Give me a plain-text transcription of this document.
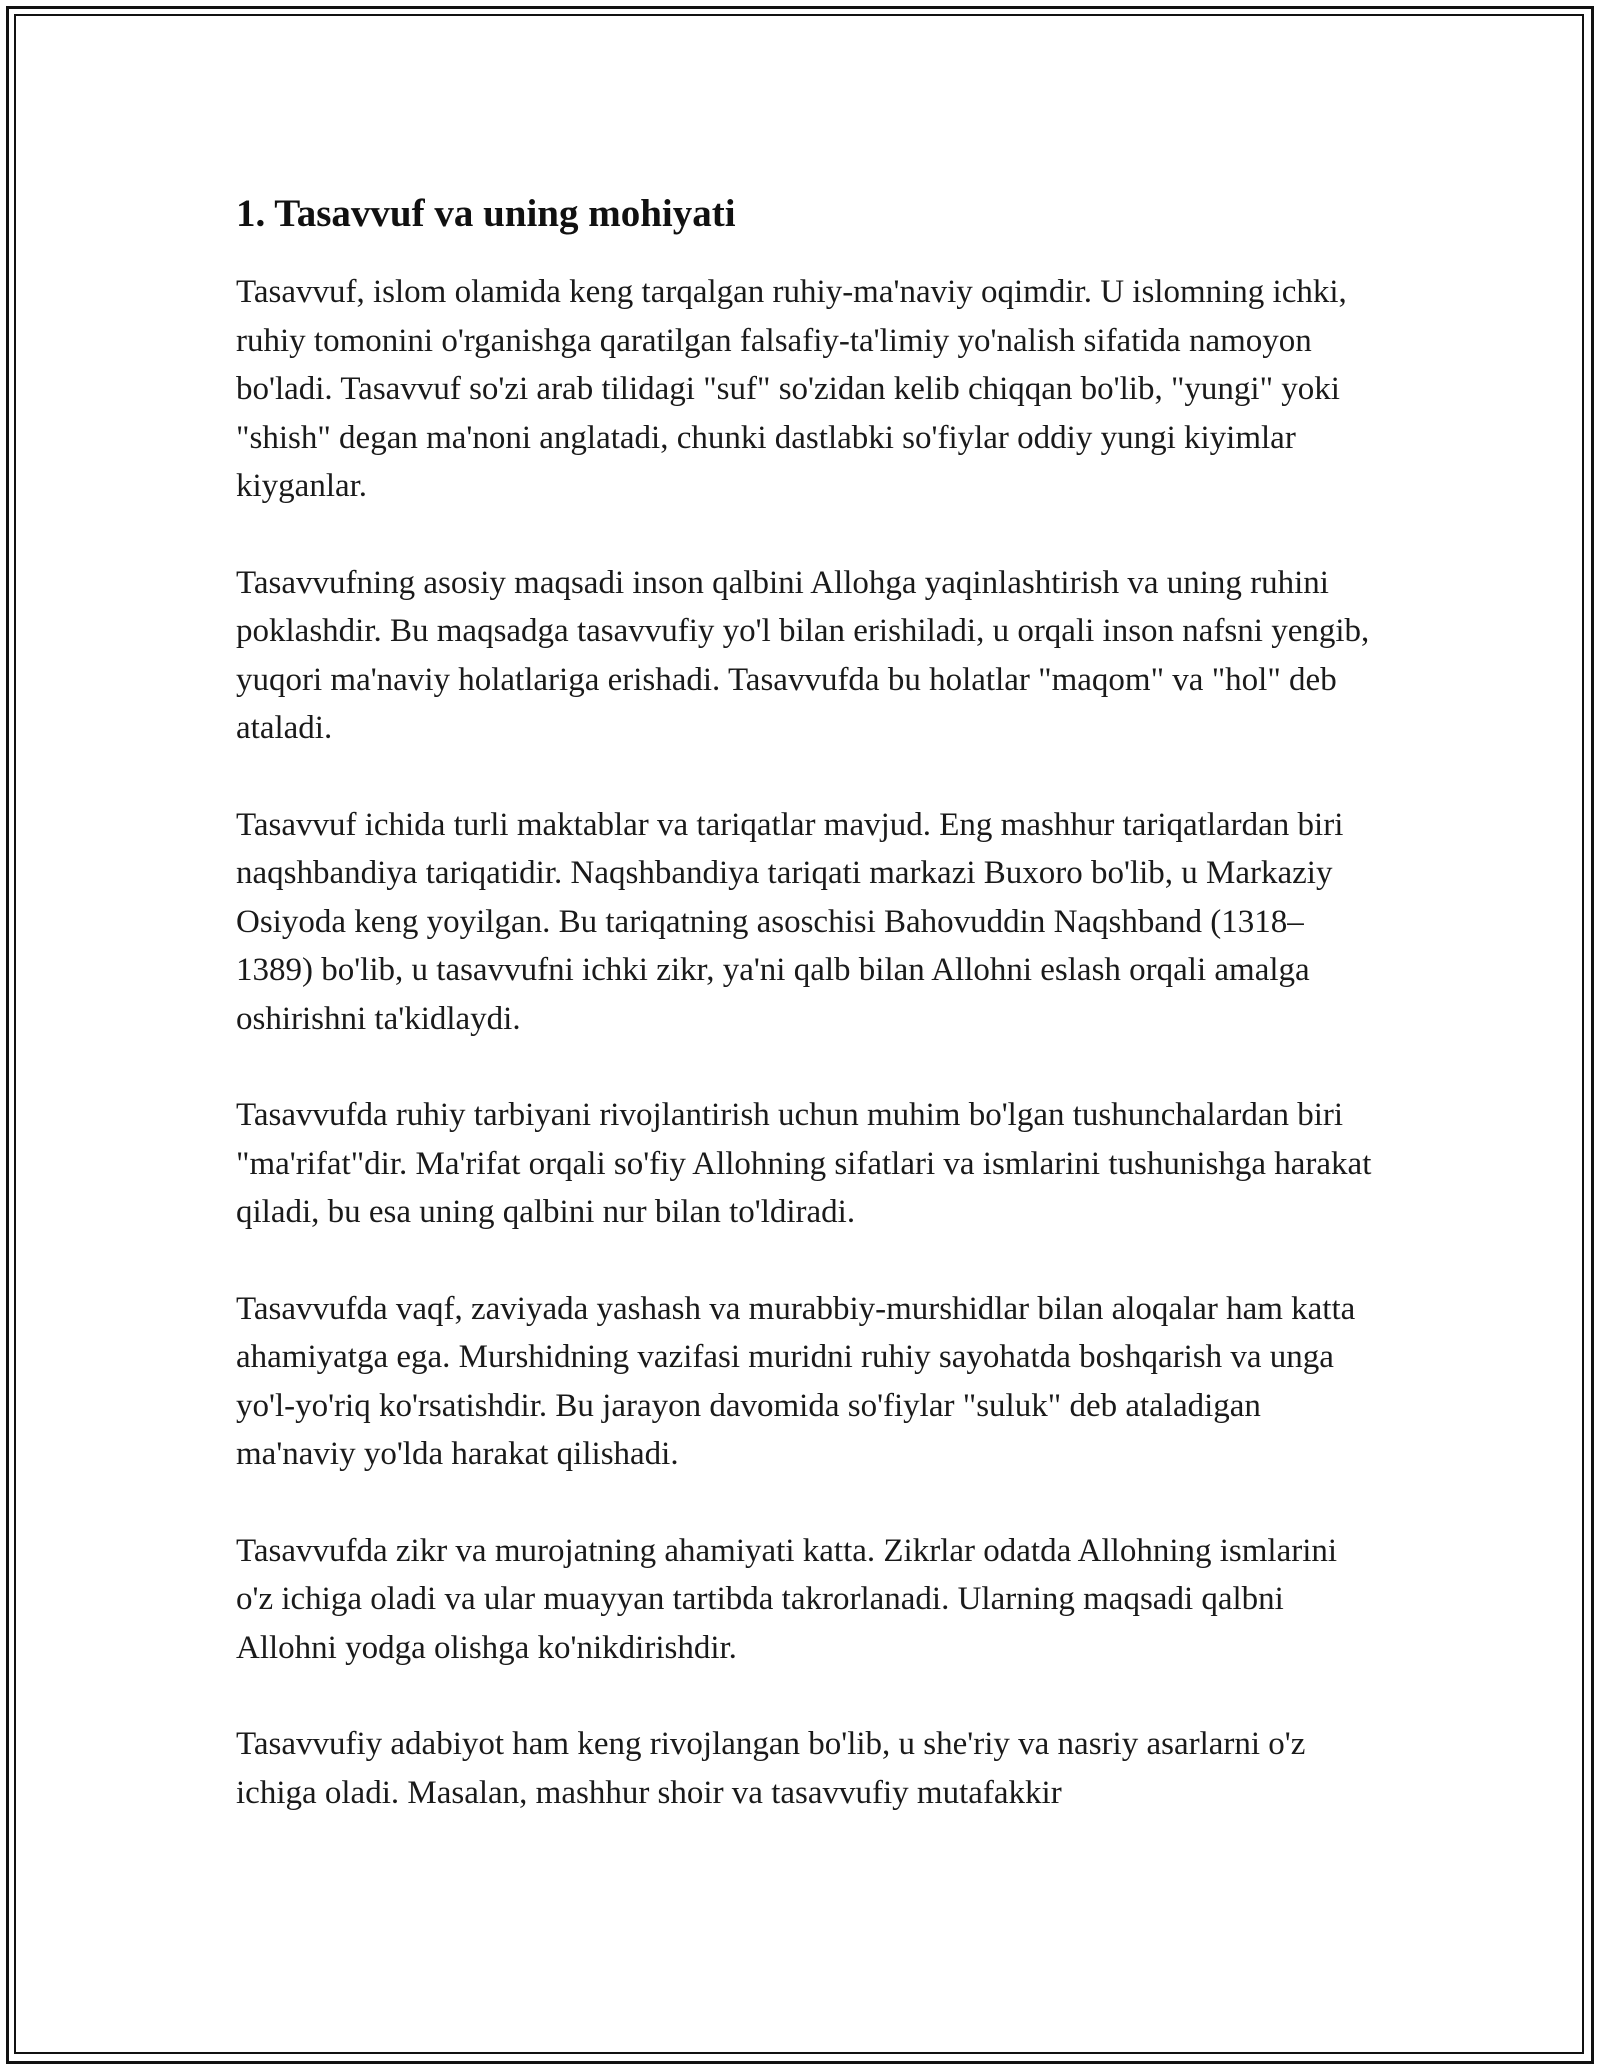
1. Tasavvuf va uning mohiyati

Tasavvuf, islom olamida keng tarqalgan ruhiy-ma'naviy oqimdir. U islomning ichki, ruhiy tomonini o'rganishga qaratilgan falsafiy-ta'limiy yo'nalish sifatida namoyon bo'ladi. Tasavvuf so'zi arab tilidagi "suf" so'zidan kelib chiqqan bo'lib, "yungi" yoki "shish" degan ma'noni anglatadi, chunki dastlabki so'fiylar oddiy yungi kiyimlar kiyganlar.

Tasavvufning asosiy maqsadi inson qalbini Allohga yaqinlashtirish va uning ruhini poklashdir. Bu maqsadga tasavvufiy yo'l bilan erishiladi, u orqali inson nafsni yengib, yuqori ma'naviy holatlariga erishadi. Tasavvufda bu holatlar "maqom" va "hol" deb ataladi.

Tasavvuf ichida turli maktablar va tariqatlar mavjud. Eng mashhur tariqatlardan biri naqshbandiya tariqatidir. Naqshbandiya tariqati markazi Buxoro bo'lib, u Markaziy Osiyoda keng yoyilgan. Bu tariqatning asoschisi Bahovuddin Naqshband (1318–1389) bo'lib, u tasavvufni ichki zikr, ya'ni qalb bilan Allohni eslash orqali amalga oshirishni ta'kidlaydi.

Tasavvufda ruhiy tarbiyani rivojlantirish uchun muhim bo'lgan tushunchalardan biri "ma'rifat"dir. Ma'rifat orqali so'fiy Allohning sifatlari va ismlarini tushunishga harakat qiladi, bu esa uning qalbini nur bilan to'ldiradi.

Tasavvufda vaqf, zaviyada yashash va murabbiy-murshidlar bilan aloqalar ham katta ahamiyatga ega. Murshidning vazifasi muridni ruhiy sayohatda boshqarish va unga yo'l-yo'riq ko'rsatishdir. Bu jarayon davomida so'fiylar "suluk" deb ataladigan ma'naviy yo'lda harakat qilishadi.

Tasavvufda zikr va murojatning ahamiyati katta. Zikrlar odatda Allohning ismlarini o'z ichiga oladi va ular muayyan tartibda takrorlanadi. Ularning maqsadi qalbni Allohni yodga olishga ko'nikdirishdir.

Tasavvufiy adabiyot ham keng rivojlangan bo'lib, u she'riy va nasriy asarlarni o'z ichiga oladi. Masalan, mashhur shoir va tasavvufiy mutafakkir
